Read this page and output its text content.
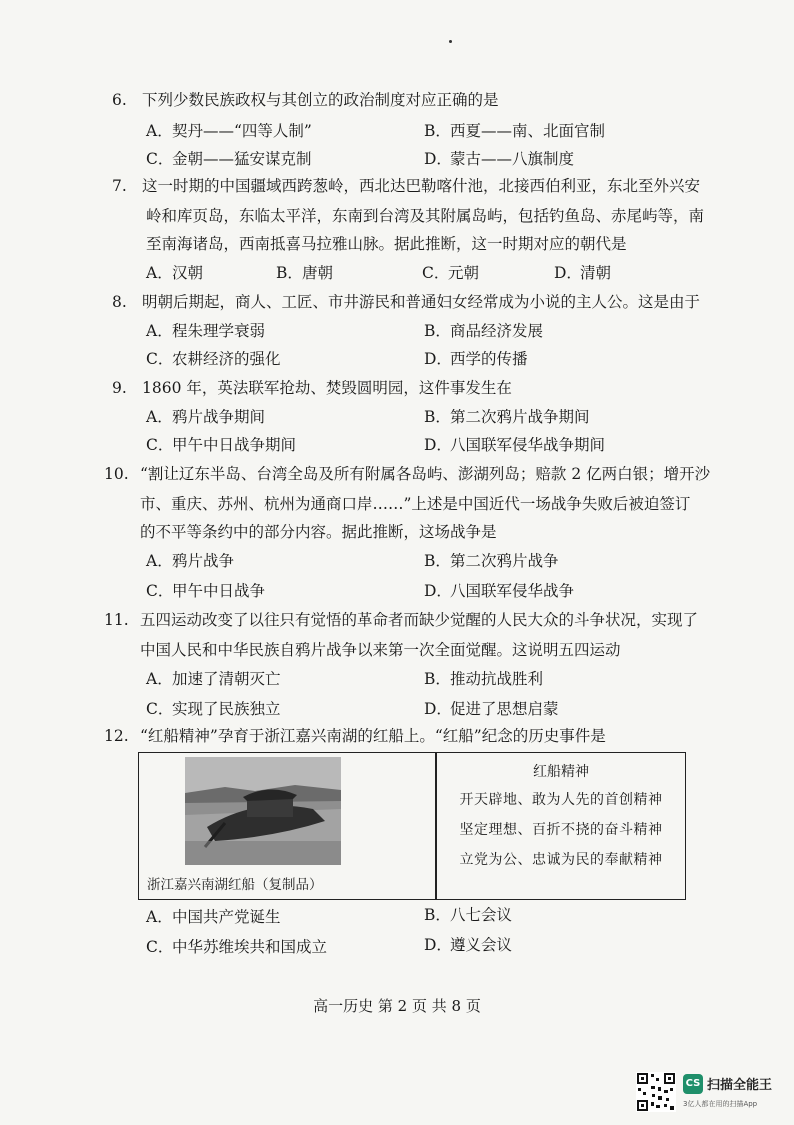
6. 下列少数民族政权与其创立的政治制度对应正确的是
A．契丹——“四等人制”	B．西夏——南、北面官制
C．金朝——猛安谋克制	D．蒙古——八旗制度
7. 这一时期的中国疆域西跨葱岭，西北达巴勒喀什池，北接西伯利亚，东北至外兴安
岭和库页岛，东临太平洋，东南到台湾及其附属岛屿，包括钓鱼岛、赤尾屿等，南
至南海诸岛，西南抵喜马拉雅山脉。据此推断，这一时期对应的朝代是
A．汉朝	B．唐朝	C．元朝	D．清朝
8. 明朝后期起，商人、工匠、市井游民和普通妇女经常成为小说的主人公。这是由于
A．程朱理学衰弱	B．商品经济发展
C．农耕经济的强化	D．西学的传播
9. 1860 年，英法联军抢劫、焚毁圆明园，这件事发生在
A．鸦片战争期间	B．第二次鸦片战争期间
C．甲午中日战争期间	D．八国联军侵华战争期间
10. “割让辽东半岛、台湾全岛及所有附属各岛屿、澎湖列岛；赔款 2 亿两白银；增开沙
市、重庆、苏州、杭州为通商口岸……”上述是中国近代一场战争失败后被迫签订
的不平等条约中的部分内容。据此推断，这场战争是
A．鸦片战争	B．第二次鸦片战争
C．甲午中日战争	D．八国联军侵华战争
11. 五四运动改变了以往只有觉悟的革命者而缺少觉醒的人民大众的斗争状况，实现了
中国人民和中华民族自鸦片战争以来第一次全面觉醒。这说明五四运动
A．加速了清朝灭亡	B．推动抗战胜利
C．实现了民族独立	D．促进了思想启蒙
12. “红船精神”孕育于浙江嘉兴南湖的红船上。“红船”纪念的历史事件是
浙江嘉兴南湖红船（复制品）
红船精神
开天辟地、敢为人先的首创精神
坚定理想、百折不挠的奋斗精神
立党为公、忠诚为民的奉献精神
A．中国共产党诞生	B．八七会议
C．中华苏维埃共和国成立	D．遵义会议
高一历史 第 2 页 共 8 页
CS 扫描全能王
3亿人都在用的扫描App
